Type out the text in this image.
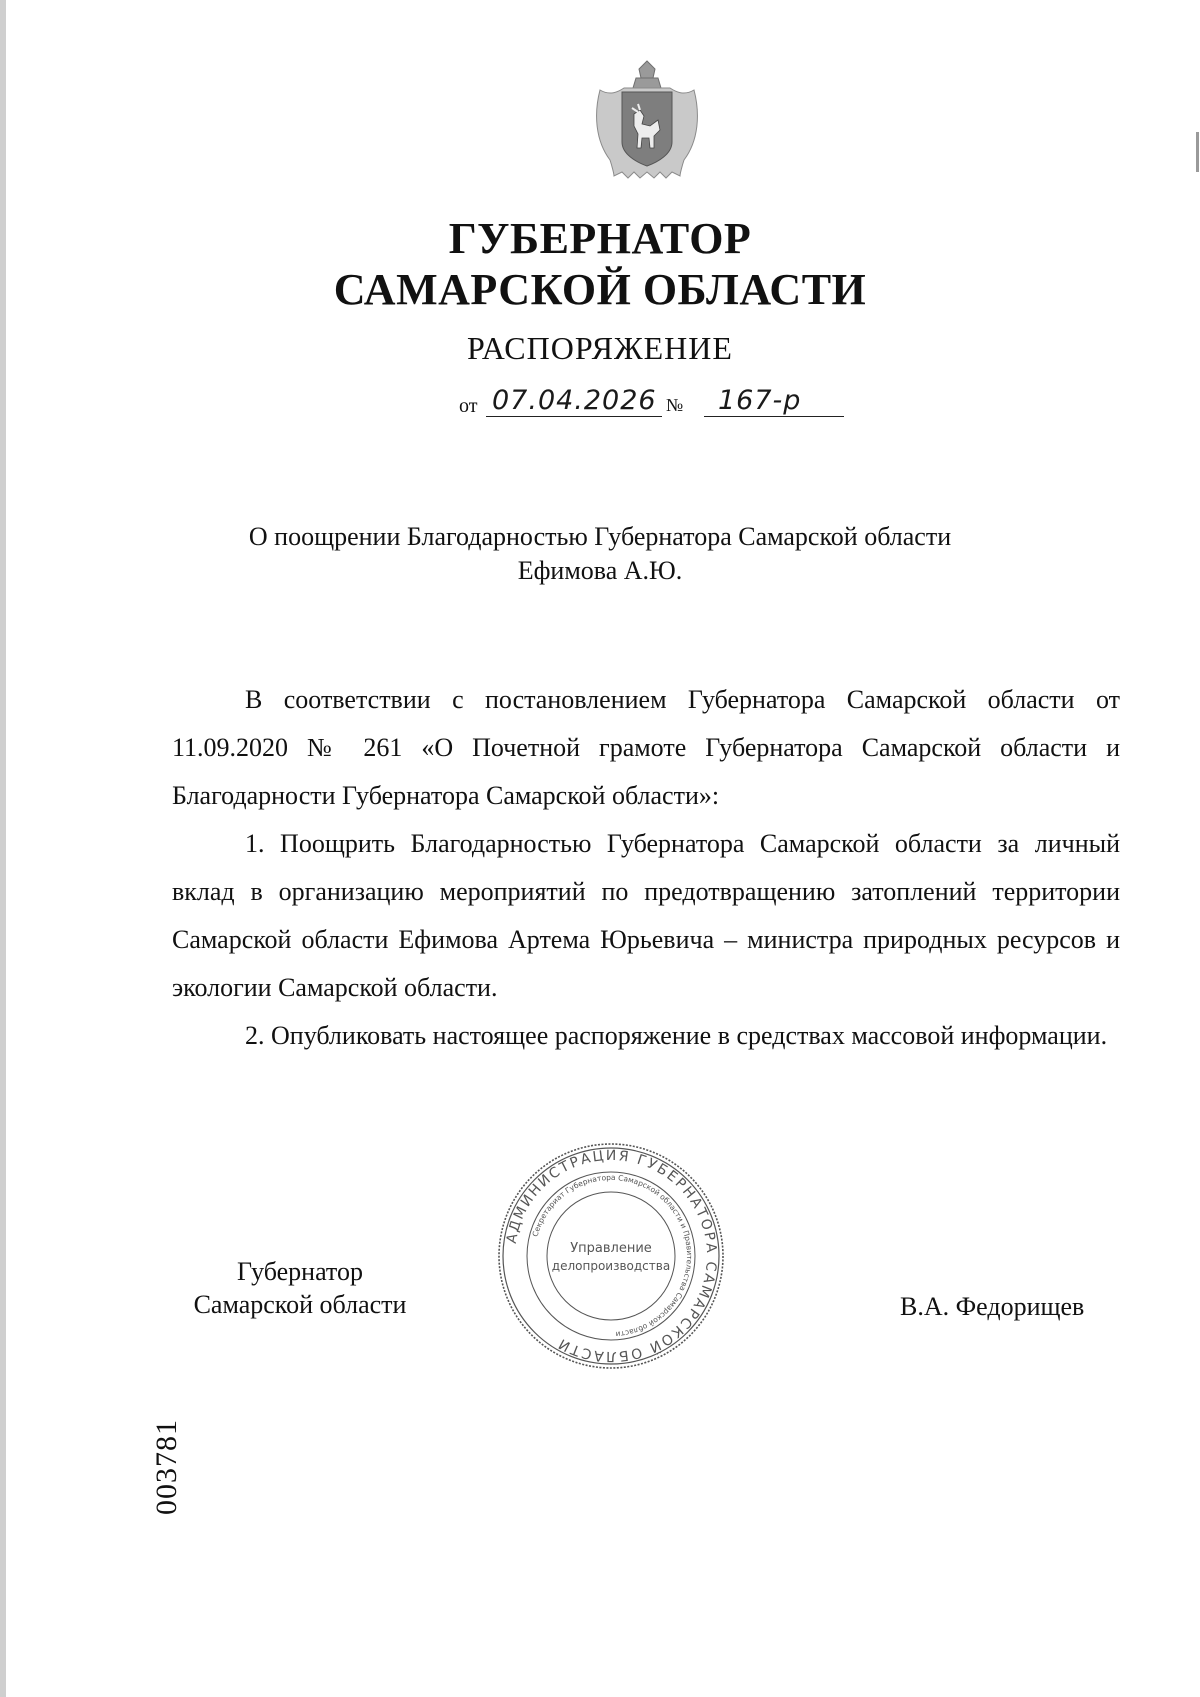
ГУБЕРНАТОР
САМАРСКОЙ ОБЛАСТИ
РАСПОРЯЖЕНИЕ
от 07.04.2026 № 167-р
О поощрении Благодарностью Губернатора Самарской области
Ефимова А.Ю.

В соответствии с постановлением Губернатора Самарской области от 11.09.2020 № 261 «О Почетной грамоте Губернатора Самарской области и Благодарности Губернатора Самарской области»:

1. Поощрить Благодарностью Губернатора Самарской области за личный вклад в организацию мероприятий по предотвращению затоплений территории Самарской области Ефимова Артема Юрьевича – министра природных ресурсов и экологии Самарской области.

2. Опубликовать настоящее распоряжение в средствах массовой информации.

Губернатор
Самарской области
АДМИНИСТРАЦИЯ ГУБЕРНАТОРА САМАРСКОЙ ОБЛАСТИ
Секретариат Губернатора Самарской области и Правительства Самарской области
Управление
делопроизводства
В.А. Федорищев
003781
